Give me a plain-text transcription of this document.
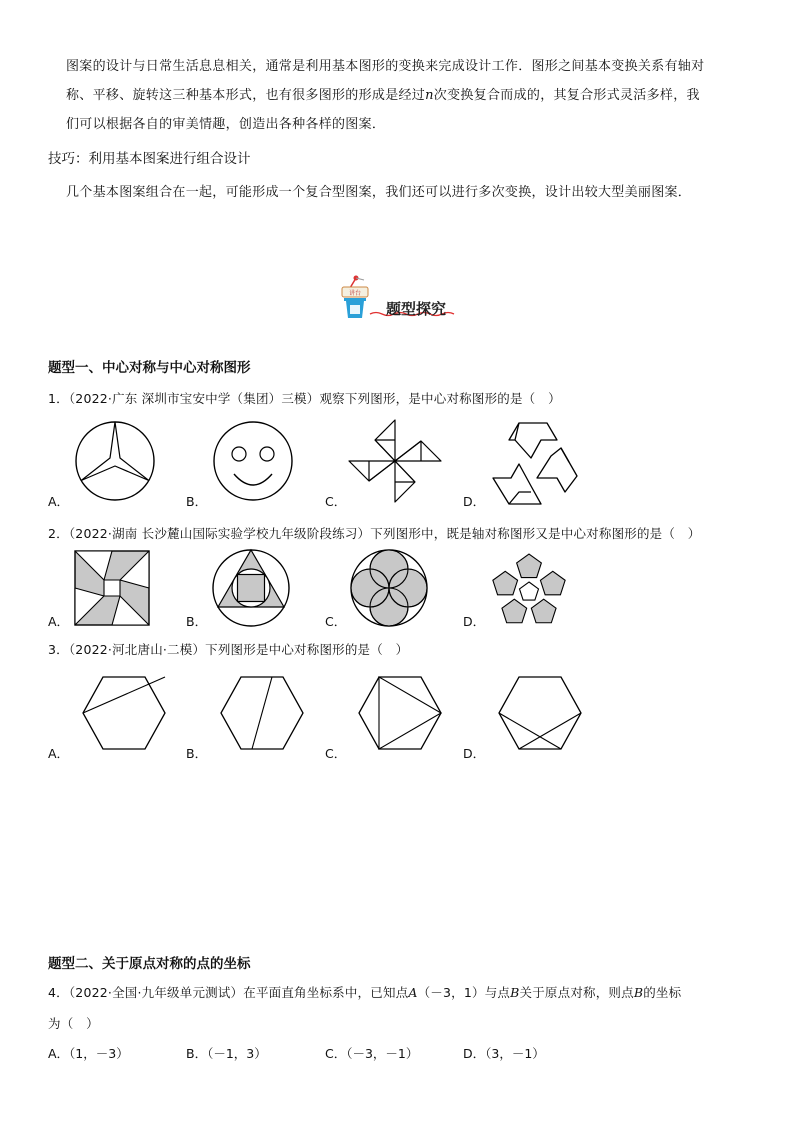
图案的设计与日常生活息息相关，通常是利用基本图形的变换来完成设计工作．图形之间基本变换关系有轴对
称、平移、旋转这三种基本形式，也有很多图形的形成是经过n次变换复合而成的，其复合形式灵活多样，我
们可以根据各自的审美情趣，创造出各种各样的图案．
技巧：利用基本图案进行组合设计
几个基本图案组合在一起，可能形成一个复合型图案，我们还可以进行多次变换，设计出较大型美丽图案．
讲台
题型探究
题型一、中心对称与中心对称图形
1．（2022·广东 深圳市宝安中学（集团）三模）观察下列图形，是中心对称图形的是（　）
A．	B．	C．	D．
2．（2022·湖南 长沙麓山国际实验学校九年级阶段练习）下列图形中，既是轴对称图形又是中心对称图形的是（　）
A．	B．	C．	D．
3．（2022·河北唐山·二模）下列图形是中心对称图形的是（　）
A．	B．	C．	D．
题型二、关于原点对称的点的坐标
4．（2022·全国·九年级单元测试）在平面直角坐标系中，已知点A（－3，1）与点B关于原点对称，则点B的坐标
为（　）
A．（1，－3）	B．（－1，3）	C．（－3，－1）	D．（3，－1）
